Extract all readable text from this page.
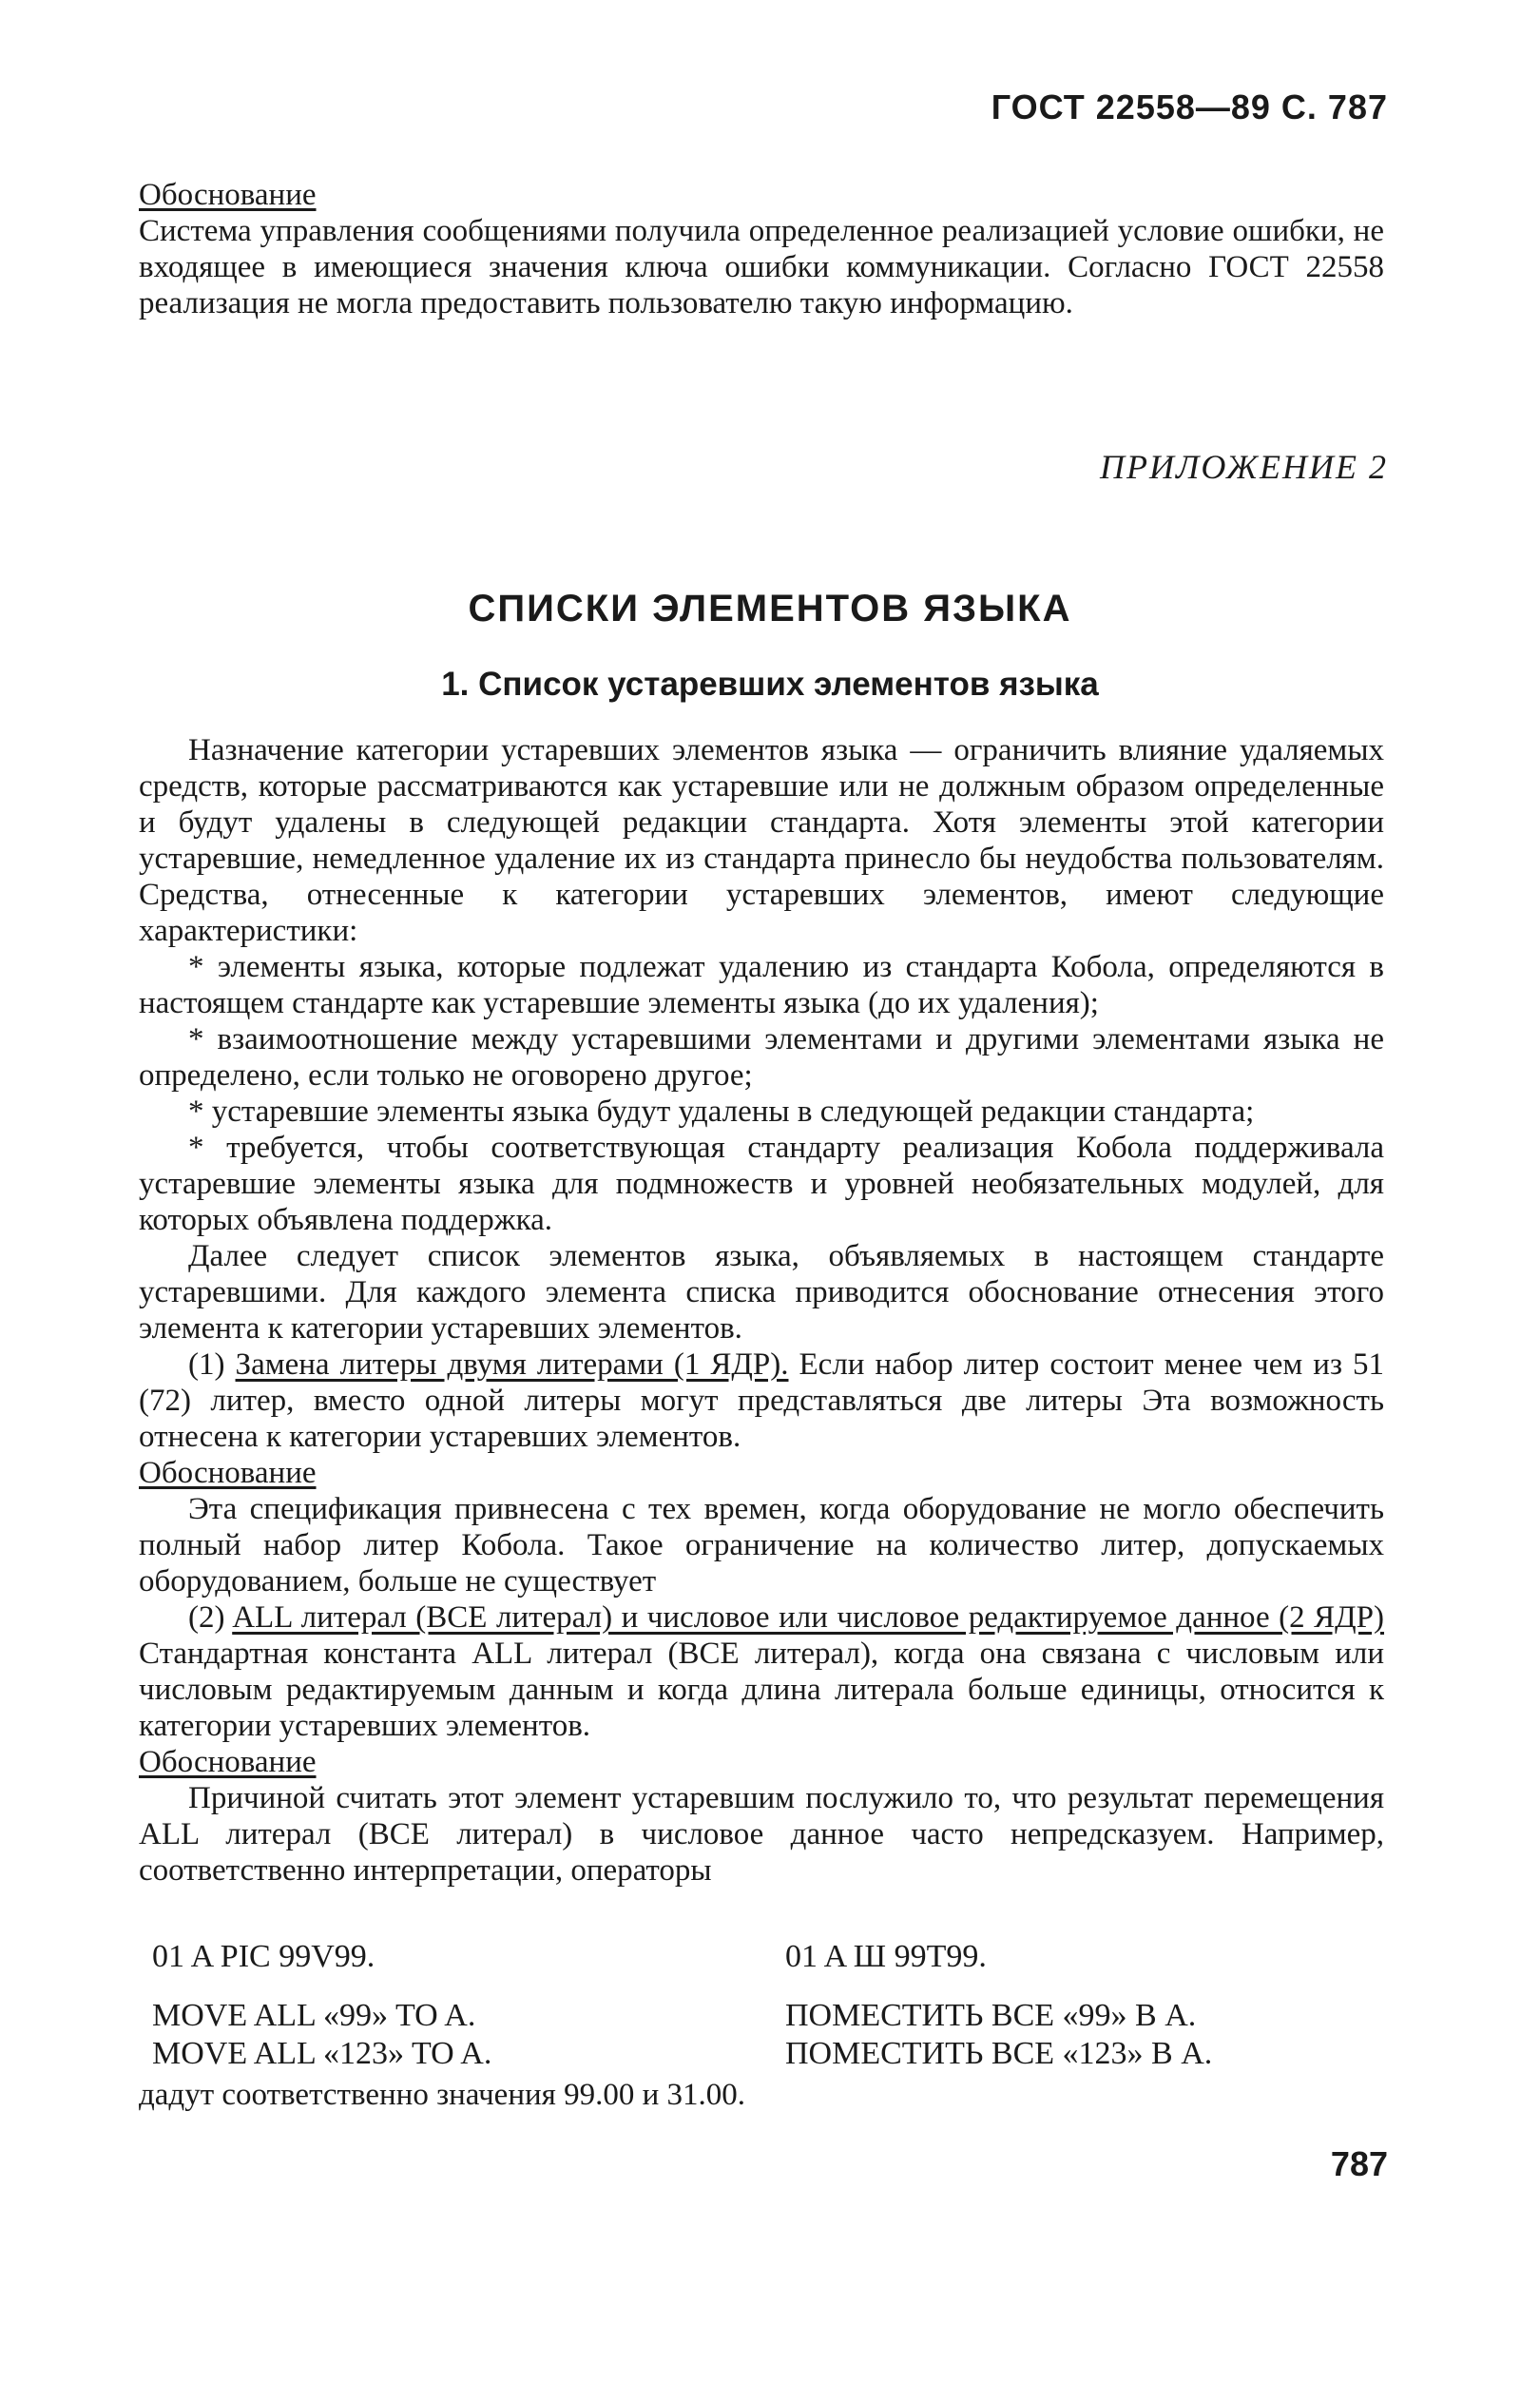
ГОСТ 22558—89 С. 787

Обоснование

Система управления сообщениями получила определенное реализацией условие ошибки, не входящее в имеющиеся значения ключа ошибки коммуникации. Согласно ГОСТ 22558 реализация не могла предоставить пользователю такую информацию.

ПРИЛОЖЕНИЕ 2
СПИСКИ ЭЛЕМЕНТОВ ЯЗЫКА
1. Список устаревших элементов языка

Назначение категории устаревших элементов языка — ограничить влияние удаляемых средств, которые рассматриваются как устаревшие или не должным образом определенные и будут удалены в следующей редакции стандарта. Хотя элементы этой категории устаревшие, немедленное удаление их из стандарта принесло бы неудобства пользователям. Средства, отнесенные к категории устаревших элементов, имеют следующие характеристики:

* элементы языка, которые подлежат удалению из стандарта Кобола, определяются в настоящем стандарте как устаревшие элементы языка (до их удаления);

* взаимоотношение между устаревшими элементами и другими элементами языка не определено, если только не оговорено другое;

* устаревшие элементы языка будут удалены в следующей редакции стандарта;

* требуется, чтобы соответствующая стандарту реализация Кобола поддерживала устаревшие элементы языка для подмножеств и уровней необязательных модулей, для которых объявлена поддержка.

Далее следует список элементов языка, объявляемых в настоящем стандарте устаревшими. Для каждого элемента списка приводится обоснование отнесения этого элемента к категории устаревших элементов.

(1) Замена литеры двумя литерами (1 ЯДР). Если набор литер состоит менее чем из 51 (72) литер, вместо одной литеры могут представляться две литеры Эта возможность отнесена к категории устаревших элементов.

Обоснование

Эта спецификация привнесена с тех времен, когда оборудование не могло обеспечить полный набор литер Кобола. Такое ограничение на количество литер, допускаемых оборудованием, больше не существует

(2) ALL литерал (ВСЕ литерал) и числовое или числовое редактируемое данное (2 ЯДР) Стандартная константа ALL литерал (ВСЕ литерал), когда она связана с числовым или числовым редактируемым данным и когда длина литерала больше единицы, относится к категории устаревших элементов.

Обоснование

Причиной считать этот элемент устаревшим послужило то, что результат перемещения ALL литерал (ВСЕ литерал) в числовое данное часто непредсказуем. Например, соответственно интерпретации, операторы

01 A PIC 99V99.	01 A Ш 99T99.
MOVE ALL «99» TO A.
MOVE ALL «123» TO A.
ПОМЕСТИТЬ ВСЕ «99» В А.
ПОМЕСТИТЬ ВСЕ «123» В А.

дадут соответственно значения 99.00 и 31.00.

787
